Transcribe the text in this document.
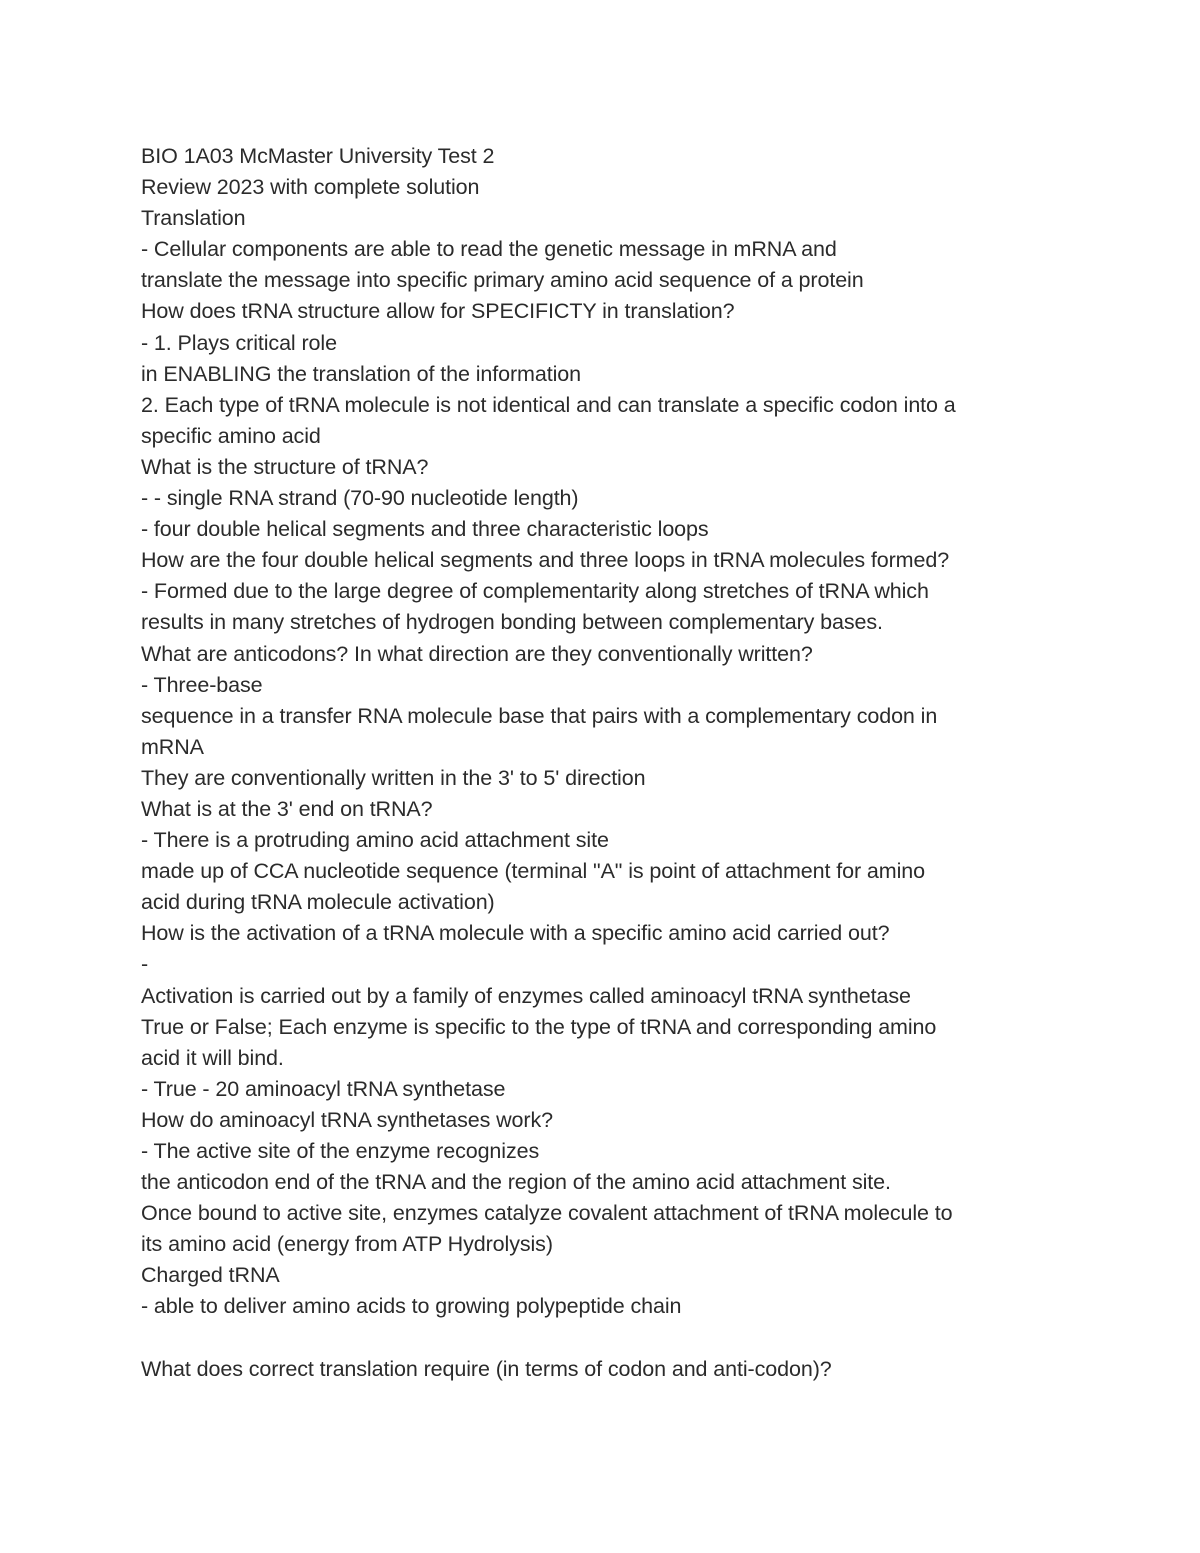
BIO 1A03 McMaster University Test 2
Review 2023 with complete solution
Translation
- Cellular components are able to read the genetic message in mRNA and
translate the message into specific primary amino acid sequence of a protein
How does tRNA structure allow for SPECIFICTY in translation?
- 1. Plays critical role
in ENABLING the translation of the information
2. Each type of tRNA molecule is not identical and can translate a specific codon into a
specific amino acid
What is the structure of tRNA?
- - single RNA strand (70-90 nucleotide length)
- four double helical segments and three characteristic loops
How are the four double helical segments and three loops in tRNA molecules formed?
- Formed due to the large degree of complementarity along stretches of tRNA which
results in many stretches of hydrogen bonding between complementary bases.
What are anticodons? In what direction are they conventionally written?
- Three-base
sequence in a transfer RNA molecule base that pairs with a complementary codon in
mRNA
They are conventionally written in the 3' to 5' direction
What is at the 3' end on tRNA?
- There is a protruding amino acid attachment site
made up of CCA nucleotide sequence (terminal "A" is point of attachment for amino
acid during tRNA molecule activation)
How is the activation of a tRNA molecule with a specific amino acid carried out?
-
Activation is carried out by a family of enzymes called aminoacyl tRNA synthetase
True or False; Each enzyme is specific to the type of tRNA and corresponding amino
acid it will bind.
- True - 20 aminoacyl tRNA synthetase
How do aminoacyl tRNA synthetases work?
- The active site of the enzyme recognizes
the anticodon end of the tRNA and the region of the amino acid attachment site.
Once bound to active site, enzymes catalyze covalent attachment of tRNA molecule to
its amino acid (energy from ATP Hydrolysis)
Charged tRNA
- able to deliver amino acids to growing polypeptide chain
What does correct translation require (in terms of codon and anti-codon)?
